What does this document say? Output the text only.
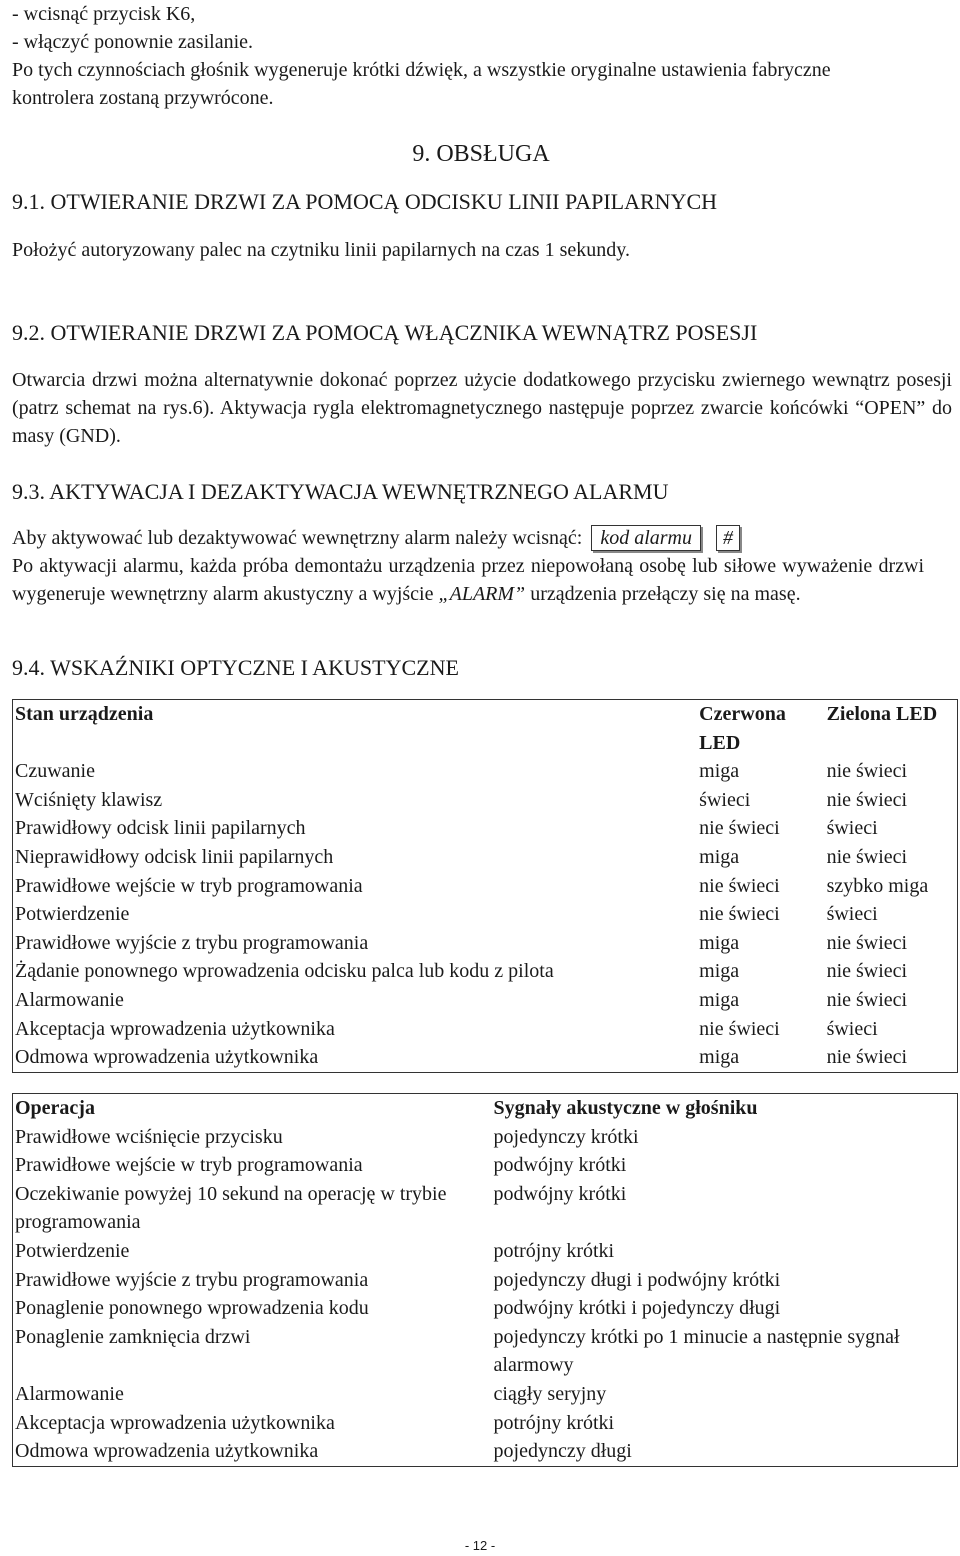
- wcisnąć przycisk K6,

- włączyć ponownie zasilanie.

Po tych czynnościach głośnik wygeneruje krótki dźwięk, a wszystkie oryginalne ustawienia fabryczne kontrolera zostaną przywrócone.

9. OBSŁUGA
9.1. OTWIERANIE DRZWI ZA POMOCĄ ODCISKU LINII PAPILARNYCH

Położyć autoryzowany palec na czytniku linii papilarnych na czas 1 sekundy.

9.2. OTWIERANIE DRZWI ZA POMOCĄ WŁĄCZNIKA WEWNĄTRZ POSESJI

Otwarcia drzwi można alternatywnie dokonać poprzez użycie dodatkowego przycisku zwiernego wewnątrz posesji (patrz schemat na rys.6). Aktywacja rygla elektromagnetycznego następuje poprzez zwarcie końcówki “OPEN” do masy (GND).

9.3. AKTYWACJA I DEZAKTYWACJA WEWNĘTRZNEGO ALARMU

Aby aktywować lub dezaktywować wewnętrzny alarm należy wcisnąć: kod alarmu #

Po aktywacji alarmu, każda próba demontażu urządzenia przez niepowołaną osobę lub siłowe wyważenie drzwi wygeneruje wewnętrzny alarm akustyczny a wyjście „ALARM” urządzenia przełączy się na masę.

9.4. WSKAŹNIKI OPTYCZNE I AKUSTYCZNE
Stan urządzenia	Czerwona LED	Zielona LED
Czuwanie	miga	nie świeci
Wciśnięty klawisz	świeci	nie świeci
Prawidłowy odcisk linii papilarnych	nie świeci	świeci
Nieprawidłowy odcisk linii papilarnych	miga	nie świeci
Prawidłowe wejście w tryb programowania	nie świeci	szybko miga
Potwierdzenie	nie świeci	świeci
Prawidłowe wyjście z trybu programowania	miga	nie świeci
Żądanie ponownego wprowadzenia odcisku palca lub kodu z pilota	miga	nie świeci
Alarmowanie	miga	nie świeci
Akceptacja wprowadzenia użytkownika	nie świeci	świeci
Odmowa wprowadzenia użytkownika	miga	nie świeci
Operacja	Sygnały akustyczne w głośniku
Prawidłowe wciśnięcie przycisku	pojedynczy krótki
Prawidłowe wejście w tryb programowania	podwójny krótki
Oczekiwanie powyżej 10 sekund na operację w trybie programowania	podwójny krótki
Potwierdzenie	potrójny krótki
Prawidłowe wyjście z trybu programowania	pojedynczy długi i podwójny krótki
Ponaglenie ponownego wprowadzenia kodu	podwójny krótki i pojedynczy długi
Ponaglenie zamknięcia drzwi	pojedynczy krótki po 1 minucie a następnie sygnał alarmowy
Alarmowanie	ciągły seryjny
Akceptacja wprowadzenia użytkownika	potrójny krótki
Odmowa wprowadzenia użytkownika	pojedynczy długi
- 12 -
